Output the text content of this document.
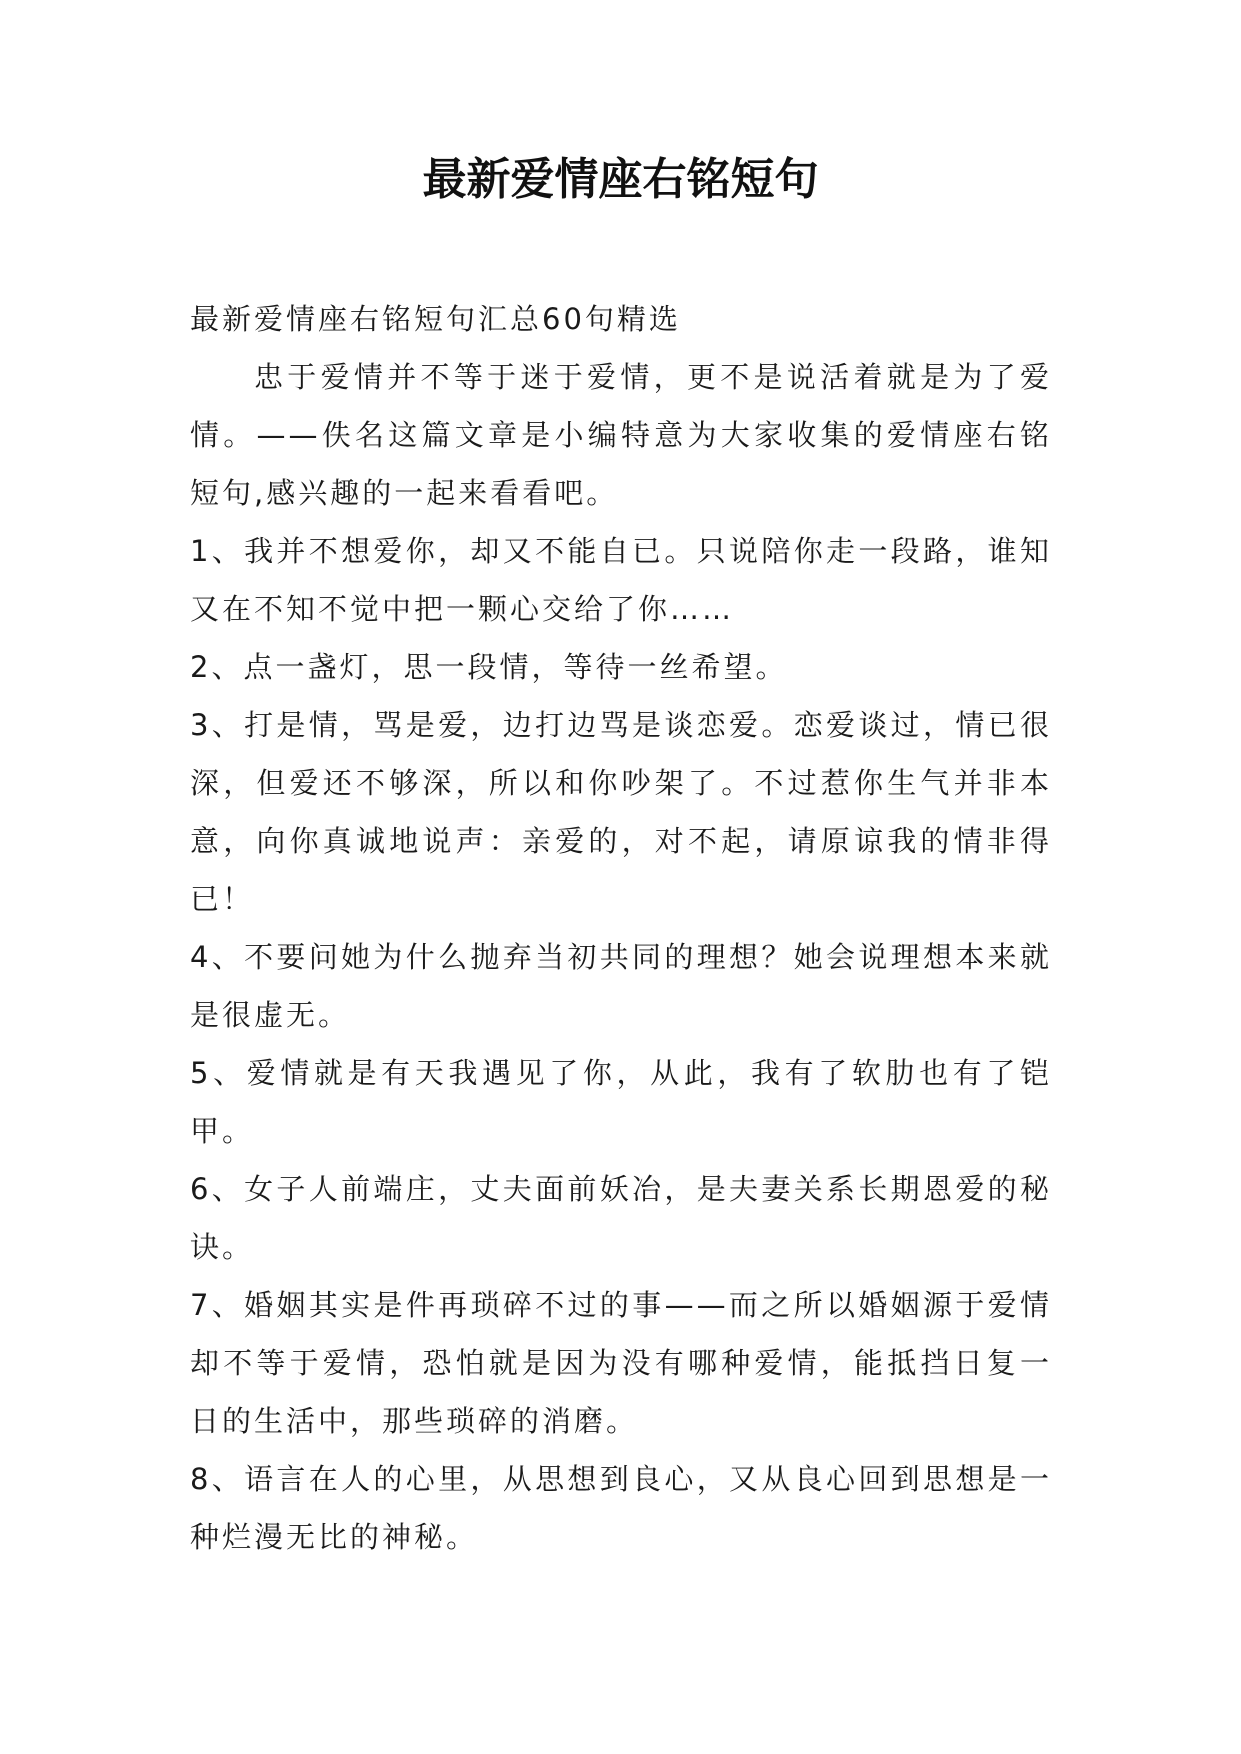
最新爱情座右铭短句

最新爱情座右铭短句汇总60句精选

忠于爱情并不等于迷于爱情，更不是说活着就是为了爱情。——佚名这篇文章是小编特意为大家收集的爱情座右铭短句,感兴趣的一起来看看吧。

1、我并不想爱你，却又不能自已。只说陪你走一段路，谁知又在不知不觉中把一颗心交给了你……

2、点一盏灯，思一段情，等待一丝希望。

3、打是情，骂是爱，边打边骂是谈恋爱。恋爱谈过，情已很深，但爱还不够深，所以和你吵架了。不过惹你生气并非本意，向你真诚地说声：亲爱的，对不起，请原谅我的情非得已！

4、不要问她为什么抛弃当初共同的理想？她会说理想本来就是很虚无。

5、爱情就是有天我遇见了你，从此，我有了软肋也有了铠甲。

6、女子人前端庄，丈夫面前妖冶，是夫妻关系长期恩爱的秘诀。

7、婚姻其实是件再琐碎不过的事——而之所以婚姻源于爱情却不等于爱情，恐怕就是因为没有哪种爱情，能抵挡日复一日的生活中，那些琐碎的消磨。

8、语言在人的心里，从思想到良心，又从良心回到思想是一种烂漫无比的神秘。
